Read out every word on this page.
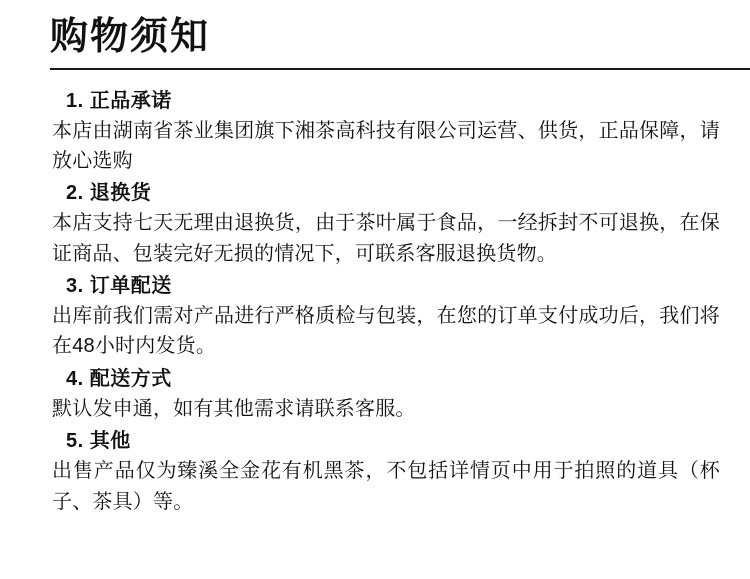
购物须知
1. 正品承诺
本店由湖南省茶业集团旗下湘茶高科技有限公司运营、供货，正品保障，请放心选购
2. 退换货
本店支持七天无理由退换货，由于茶叶属于食品，一经拆封不可退换，在保证商品、包装完好无损的情况下，可联系客服退换货物。
3. 订单配送
出库前我们需对产品进行严格质检与包装，在您的订单支付成功后，我们将在48小时内发货。
4. 配送方式
默认发申通，如有其他需求请联系客服。
5. 其他
出售产品仅为臻溪全金花有机黑茶，不包括详情页中用于拍照的道具（杯子、茶具）等。
